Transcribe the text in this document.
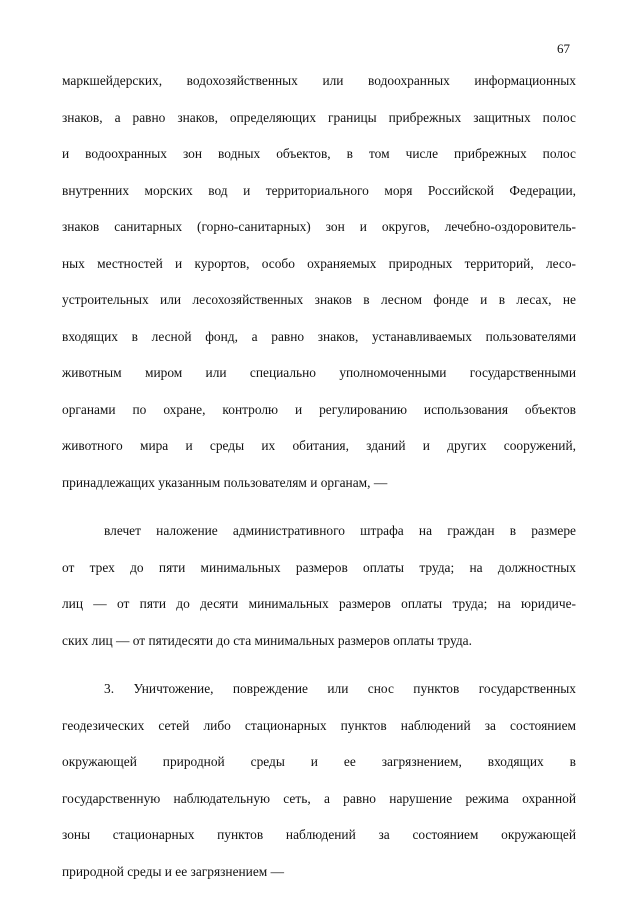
67

маркшейдерских, водохозяйственных или водоохранных информационных

знаков, а равно знаков, определяющих границы прибрежных защитных полос

и водоохранных зон водных объектов, в том числе прибрежных полос

внутренних морских вод и территориального моря Российской Федерации,

знаков санитарных (горно-санитарных) зон и округов, лечебно-оздоровитель-

ных местностей и курортов, особо охраняемых природных территорий, лесо-

устроительных или лесохозяйственных знаков в лесном фонде и в лесах, не

входящих в лесной фонд, а равно знаков, устанавливаемых пользователями

животным миром или специально уполномоченными государственными

органами по охране, контролю и регулированию использования объектов

животного мира и среды их обитания, зданий и других сооружений,

принадлежащих указанным пользователям и органам, —

влечет наложение административного штрафа на граждан в размере

от трех до пяти минимальных размеров оплаты труда; на должностных

лиц — от пяти до десяти минимальных размеров оплаты труда; на юридиче-

ских лиц — от пятидесяти до ста минимальных размеров оплаты труда.

3. Уничтожение, повреждение или снос пунктов государственных

геодезических сетей либо стационарных пунктов наблюдений за состоянием

окружающей природной среды и ее загрязнением, входящих в

государственную наблюдательную сеть, а равно нарушение режима охранной

зоны стационарных пунктов наблюдений за состоянием окружающей

природной среды и ее загрязнением —
